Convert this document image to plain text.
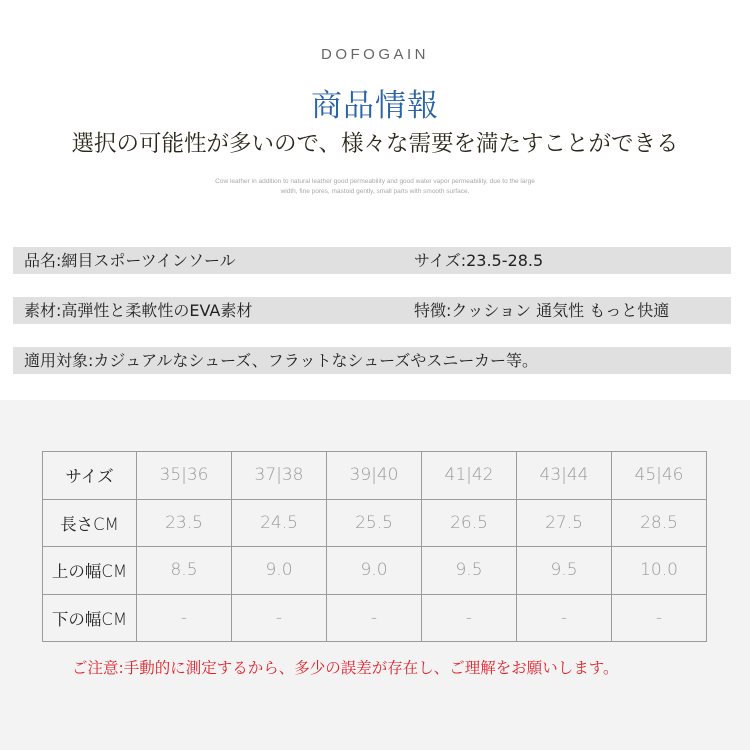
DOFOGAIN
商品情報
選択の可能性が多いので、様々な需要を満たすことができる
Cow leather in addition to natural leather good permeability and good water vapor permeability, due to the large
width, fine pores, mastoid gently, small parts with smooth surface.
品名:網目スポーツインソール	サイズ:23.5-28.5
素材:高弾性と柔軟性のEVA素材	特徴:クッション 通気性 もっと快適
適用対象:カジュアルなシューズ、フラットなシューズやスニーカー等。
サイズ	35|36	37|38	39|40	41|42	43|44	45|46
長さCM	23.5	24.5	25.5	26.5	27.5	28.5
上の幅CM	8.5	9.0	9.0	9.5	9.5	10.0
下の幅CM	-	-	-	-	-	-
ご注意:手動的に測定するから、多少の誤差が存在し、ご理解をお願いします。
